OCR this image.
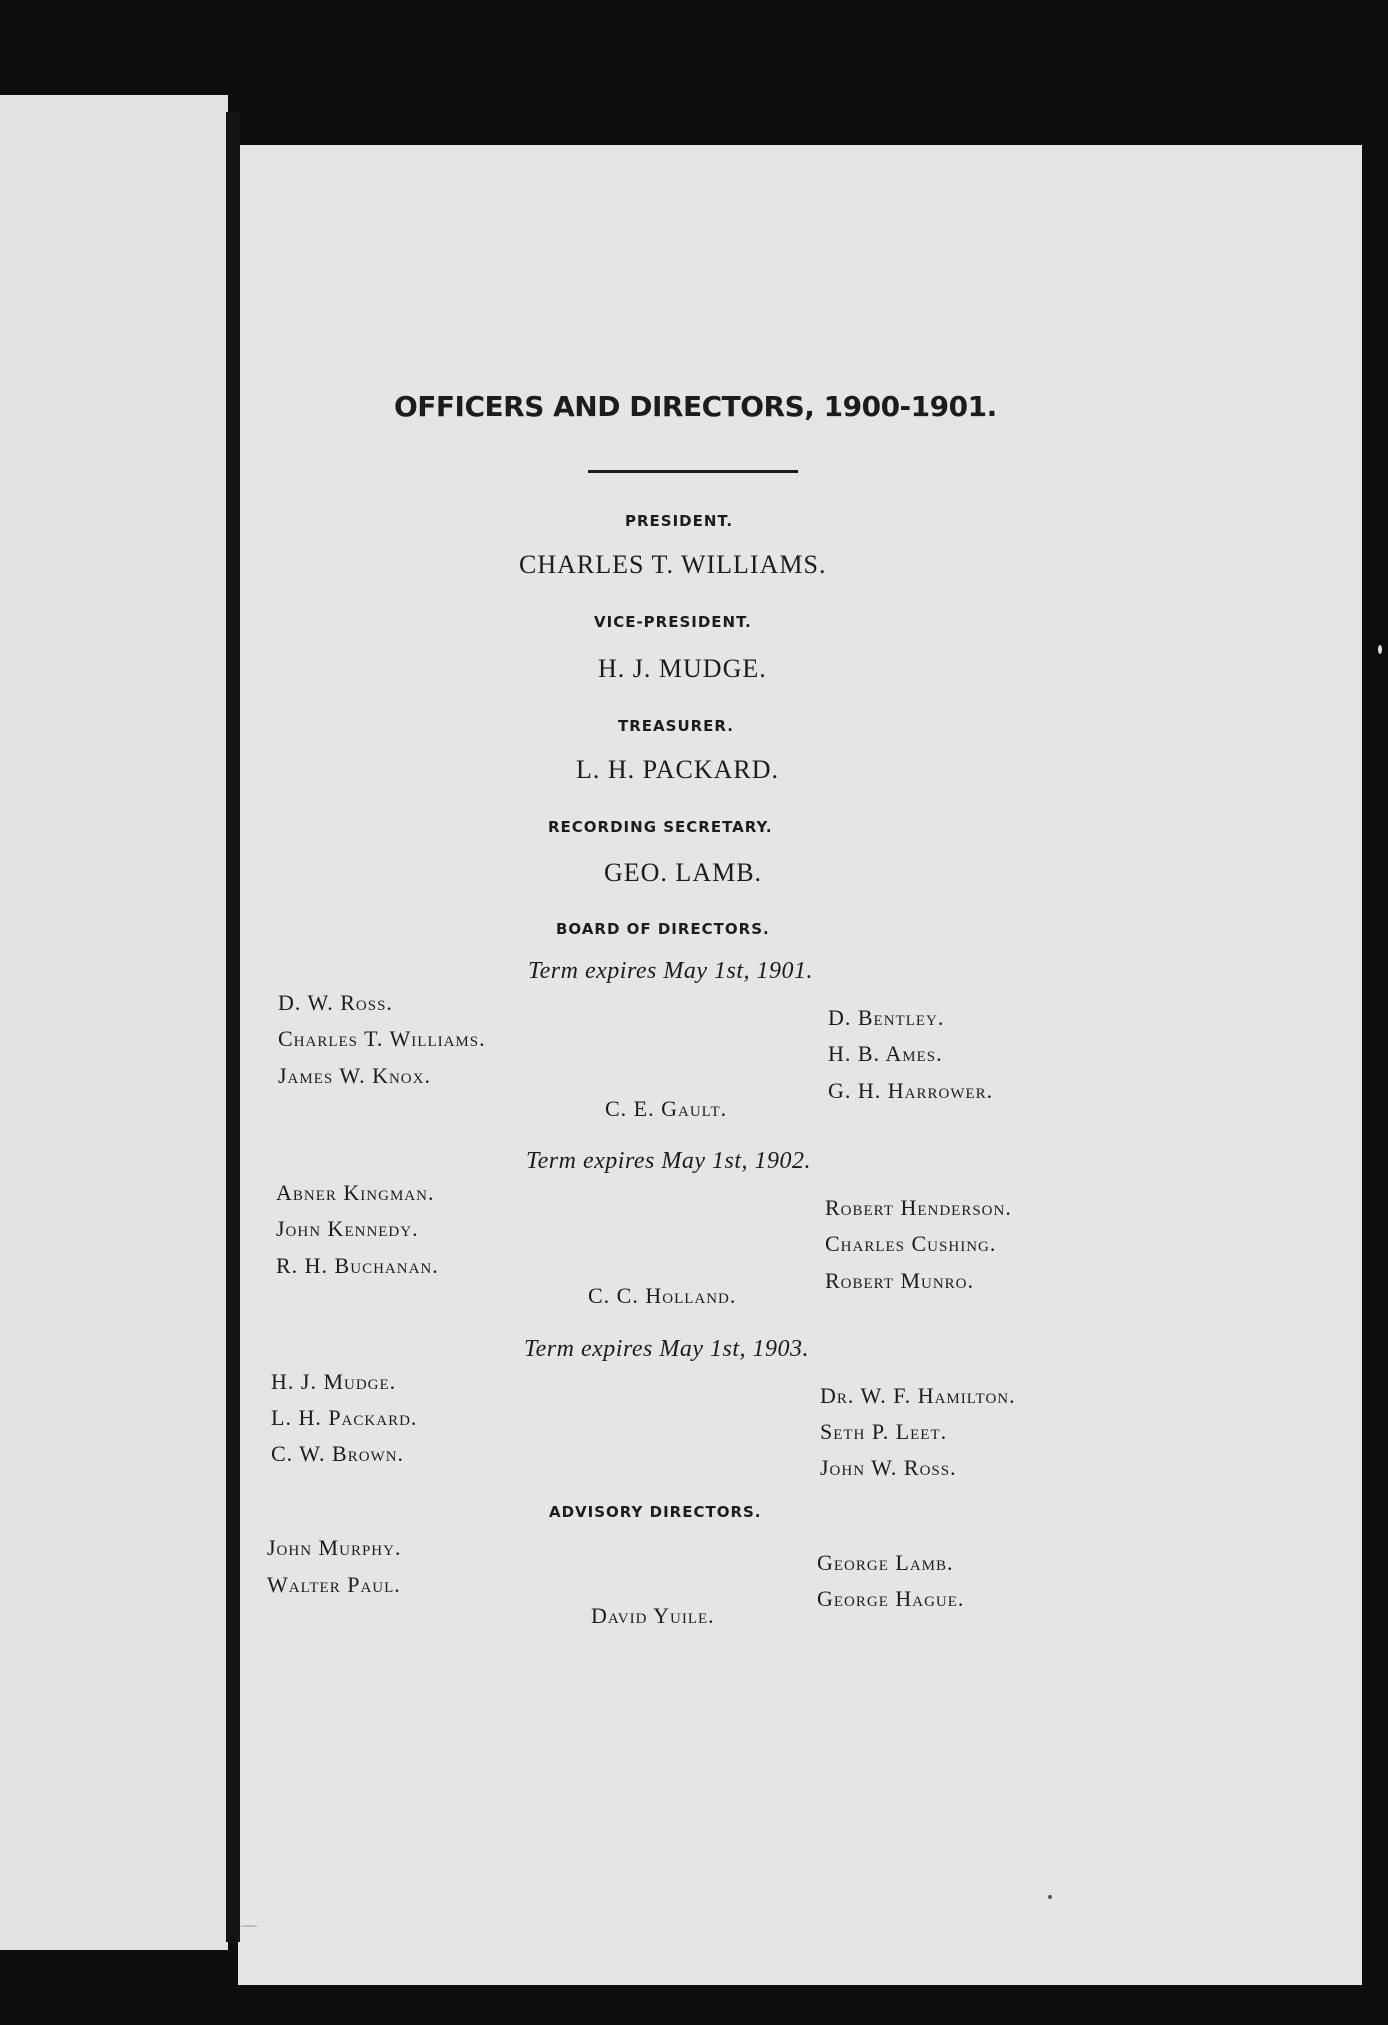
OFFICERS AND DIRECTORS, 1900-1901.
PRESIDENT.
CHARLES T. WILLIAMS.
VICE-PRESIDENT.
H. J. MUDGE.
TREASURER.
L. H. PACKARD.
RECORDING SECRETARY.
GEO. LAMB.
BOARD OF DIRECTORS.
Term expires May 1st, 1901.
D. W. Ross.
Charles T. Williams.
James W. Knox.
C. E. Gault.
D. Bentley.
H. B. Ames.
G. H. Harrower.
Term expires May 1st, 1902.
Abner Kingman.
John Kennedy.
R. H. Buchanan.
C. C. Holland.
Robert Henderson.
Charles Cushing.
Robert Munro.
Term expires May 1st, 1903.
H. J. Mudge.
L. H. Packard.
C. W. Brown.
Dr. W. F. Hamilton.
Seth P. Leet.
John W. Ross.
ADVISORY DIRECTORS.
John Murphy.
Walter Paul.
David Yuile.
George Lamb.
George Hague.
